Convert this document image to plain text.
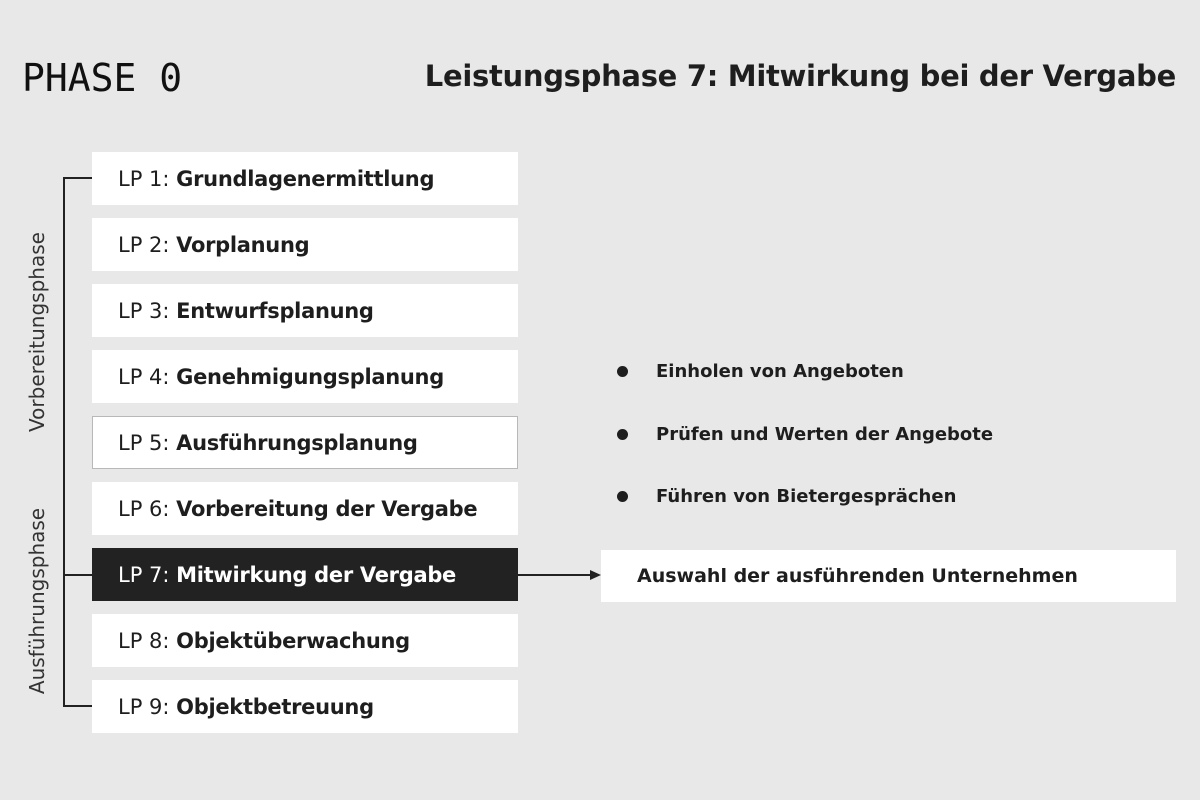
PHASE 0	Leistungsphase 7: Mitwirkung bei der Vergabe
Vorbereitungsphase
Ausführungsphase
LP 1 : Grundlagenermittlung
LP 2 : Vorplanung
LP 3 : Entwurfsplanung
LP 4 : Genehmigungsplanung
LP 5 : Ausführungsplanung
LP 6 : Vorbereitung der Vergabe
LP 7 : Mitwirkung der Vergabe
LP 8 : Objektüberwachung
LP 9 : Objektbetreuung
Einholen von Angeboten
Prüfen und Werten der Angebote
Führen von Bietergesprächen
Auswahl der ausführenden Unternehmen
